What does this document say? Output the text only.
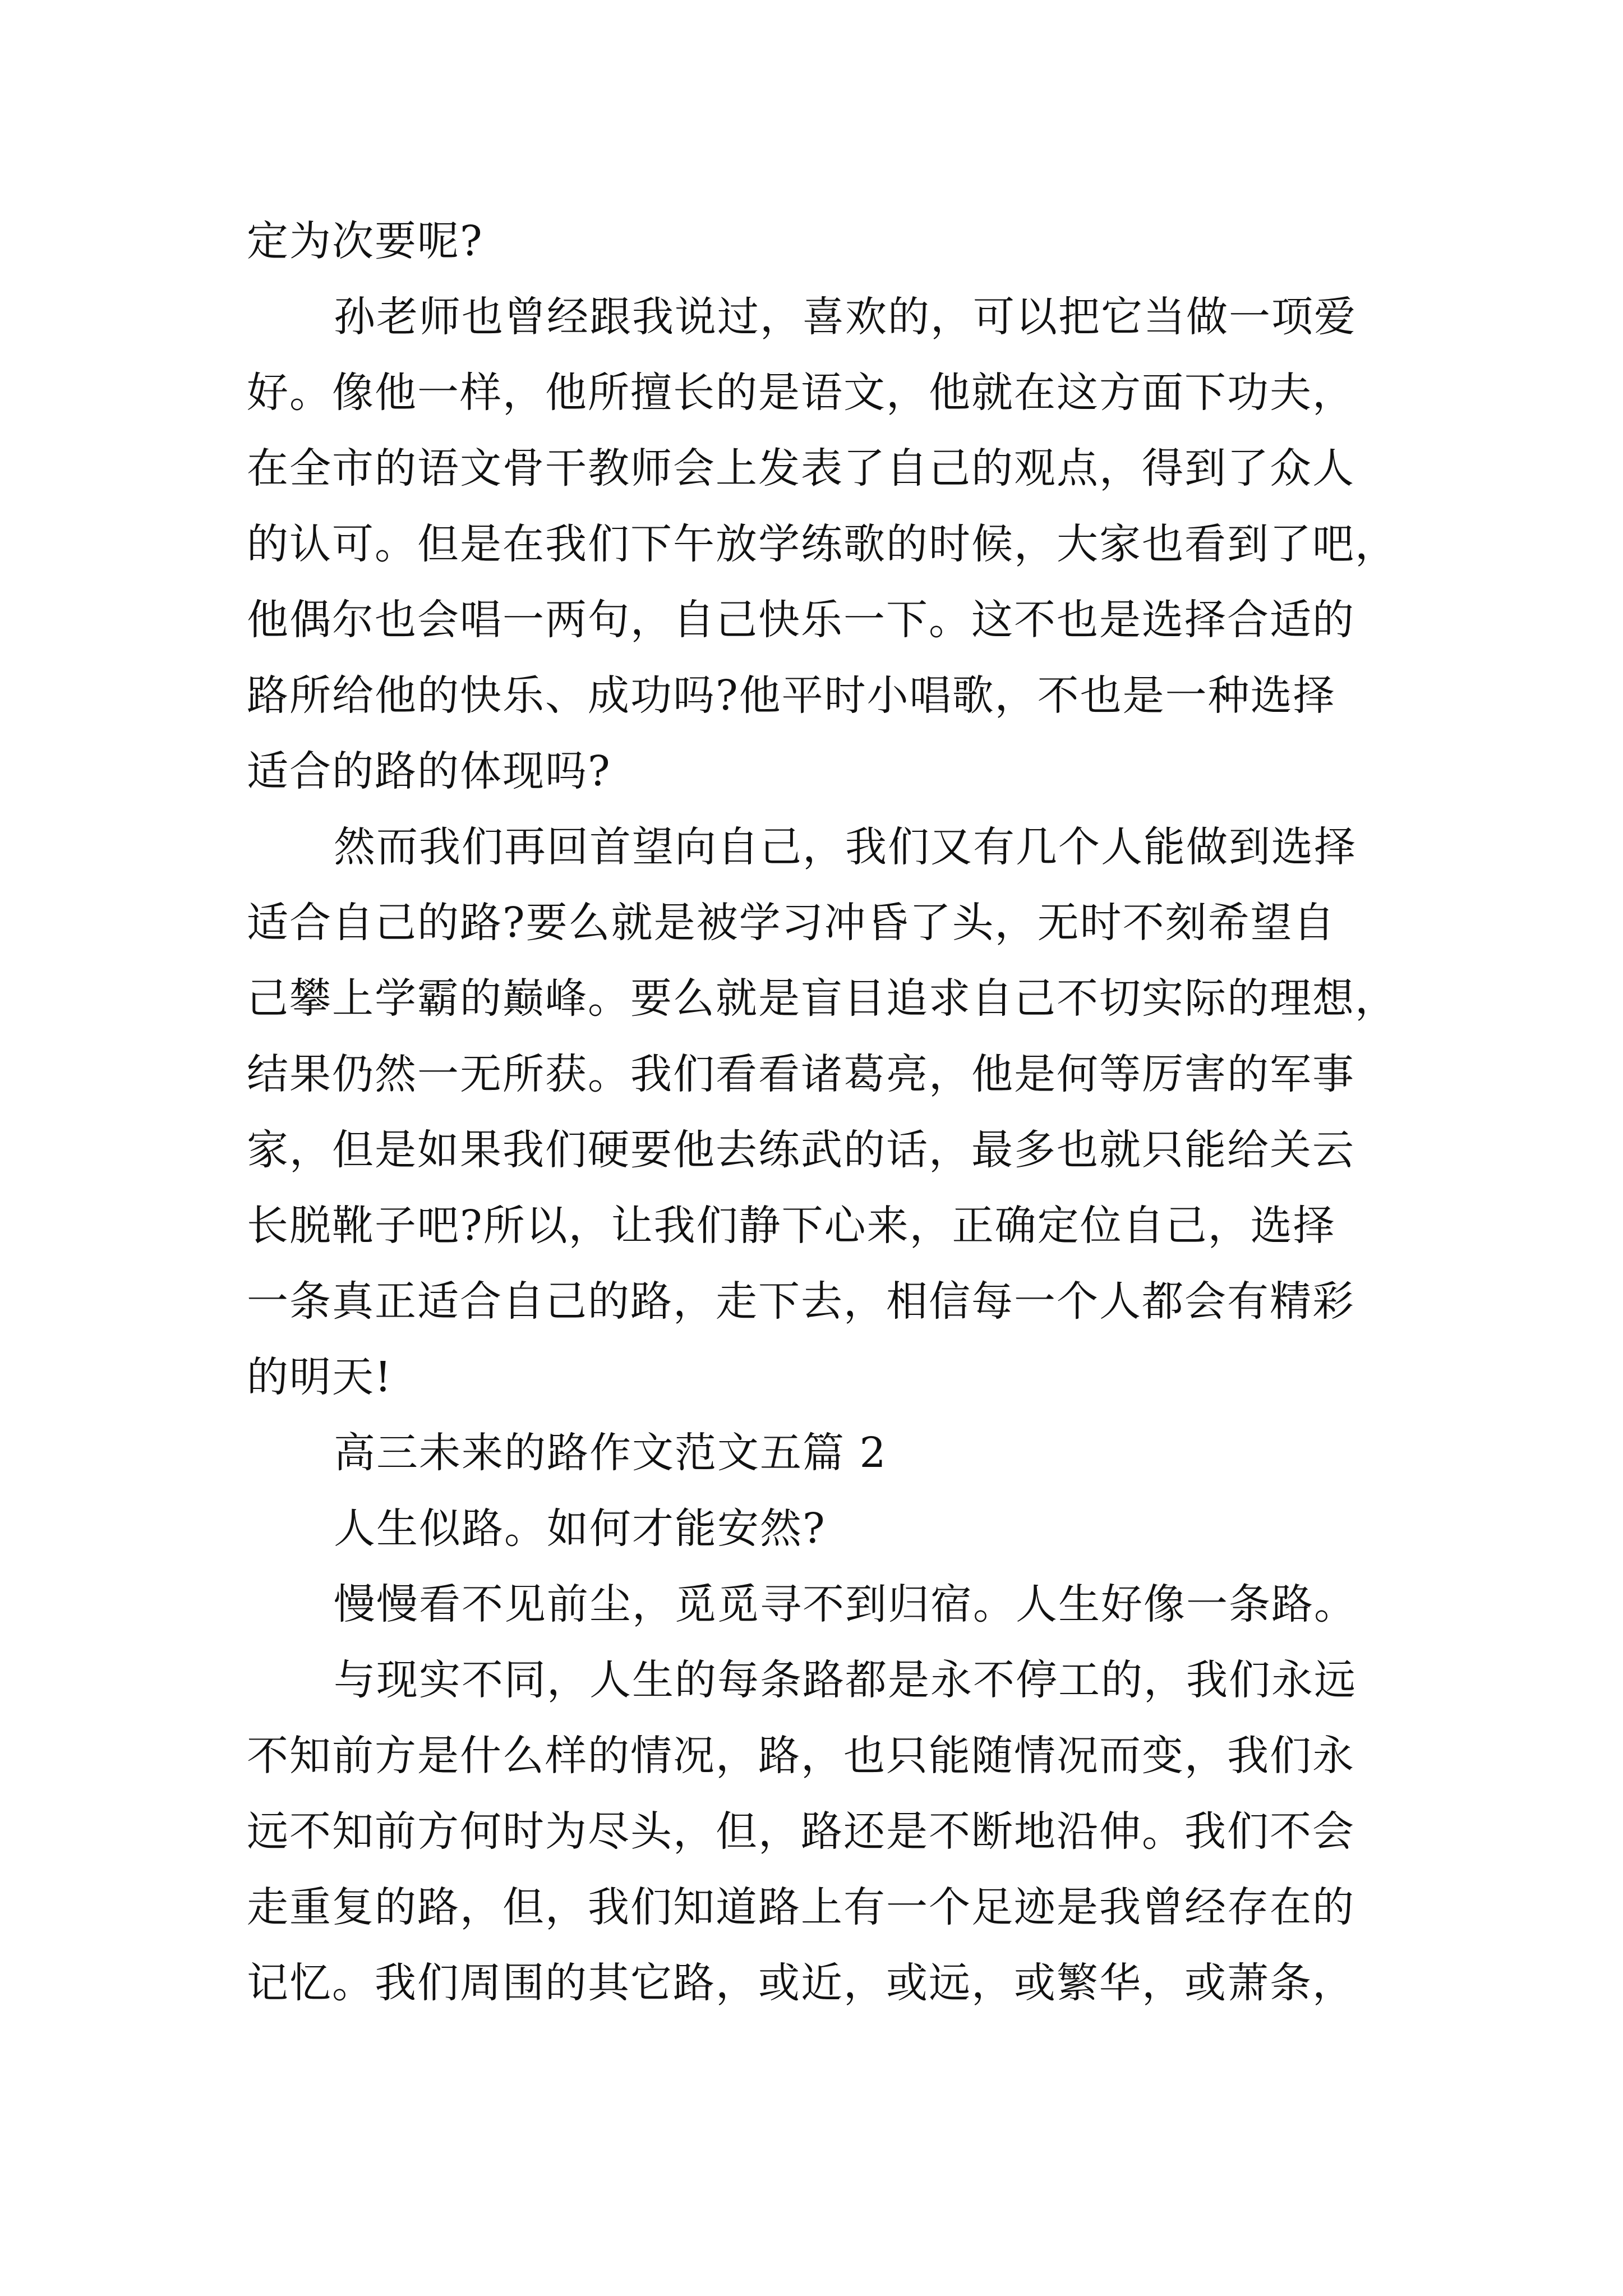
定为次要呢?
孙老师也曾经跟我说过，喜欢的，可以把它当做一项爱
好。像他一样，他所擅长的是语文，他就在这方面下功夫，
在全市的语文骨干教师会上发表了自己的观点，得到了众人
的认可。但是在我们下午放学练歌的时候，大家也看到了吧，
他偶尔也会唱一两句，自己快乐一下。这不也是选择合适的
路所给他的快乐、成功吗?他平时小唱歌，不也是一种选择
适合的路的体现吗?
然而我们再回首望向自己，我们又有几个人能做到选择
适合自己的路?要么就是被学习冲昏了头，无时不刻希望自
己攀上学霸的巅峰。要么就是盲目追求自己不切实际的理想，
结果仍然一无所获。我们看看诸葛亮，他是何等厉害的军事
家，但是如果我们硬要他去练武的话，最多也就只能给关云
长脱靴子吧?所以，让我们静下心来，正确定位自己，选择
一条真正适合自己的路，走下去，相信每一个人都会有精彩
的明天!
高三未来的路作文范文五篇 2
人生似路。如何才能安然?
慢慢看不见前尘，觅觅寻不到归宿。人生好像一条路。
与现实不同，人生的每条路都是永不停工的，我们永远
不知前方是什么样的情况，路，也只能随情况而变，我们永
远不知前方何时为尽头，但，路还是不断地沿伸。我们不会
走重复的路，但，我们知道路上有一个足迹是我曾经存在的
记忆。我们周围的其它路，或近，或远，或繁华，或萧条，
